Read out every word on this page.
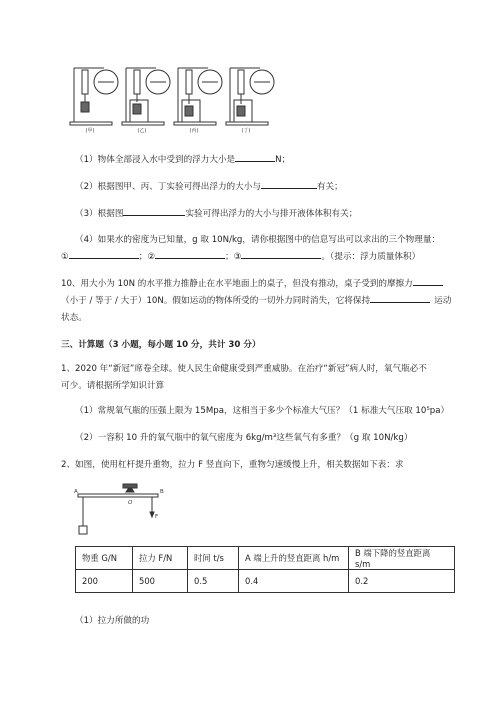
(甲)	(乙)	(丙)	(丁)
（1）物体全部浸入水中受到的浮力大小是	N；
（2）根据图甲、丙、丁实验可得出浮力的大小与	有关；
（3）根据图	实验可得出浮力的大小与排开液体体积有关；
（4）如果水的密度为已知量，g 取 10N/kg，请你根据图中的信息写出可以求出的三个物理量：
①	；②	；③	。（提示：浮力质量体积）
10、用大小为 10N 的水平推力推静止在水平地面上的桌子，但没有推动，桌子受到的摩擦力
（小于 / 等于 / 大于）10N。假如运动的物体所受的一切外力同时消失，它将保持	运动
状态。
三、计算题（3 小题，每小题 10 分，共计 30 分）
1、2020 年“新冠”席卷全球。使人民生命健康受到严重威胁。在治疗“新冠”病人时，氧气瓶必不
可少。请根据所学知识计算
（1）常规氧气瓶的压强上限为 15Mpa，这相当于多少个标准大气压？（1 标准大气压取 10⁵pa）
（2）一容积 10 升的氧气瓶中的氧气密度为 6kg/m³这些氧气有多重？（g 取 10N/kg）
2、如图，使用杠杆提升重物，拉力 F 竖直向下，重物匀速缓慢上升，相关数据如下表：求
A	B
O
F
物重 G/N	拉力 F/N	时间 t/s	A 端上升的竖直距离 h/m	B 端下降的竖直距离 s/m
200	500	0.5	0.4	0.2
（1）拉力所做的功
